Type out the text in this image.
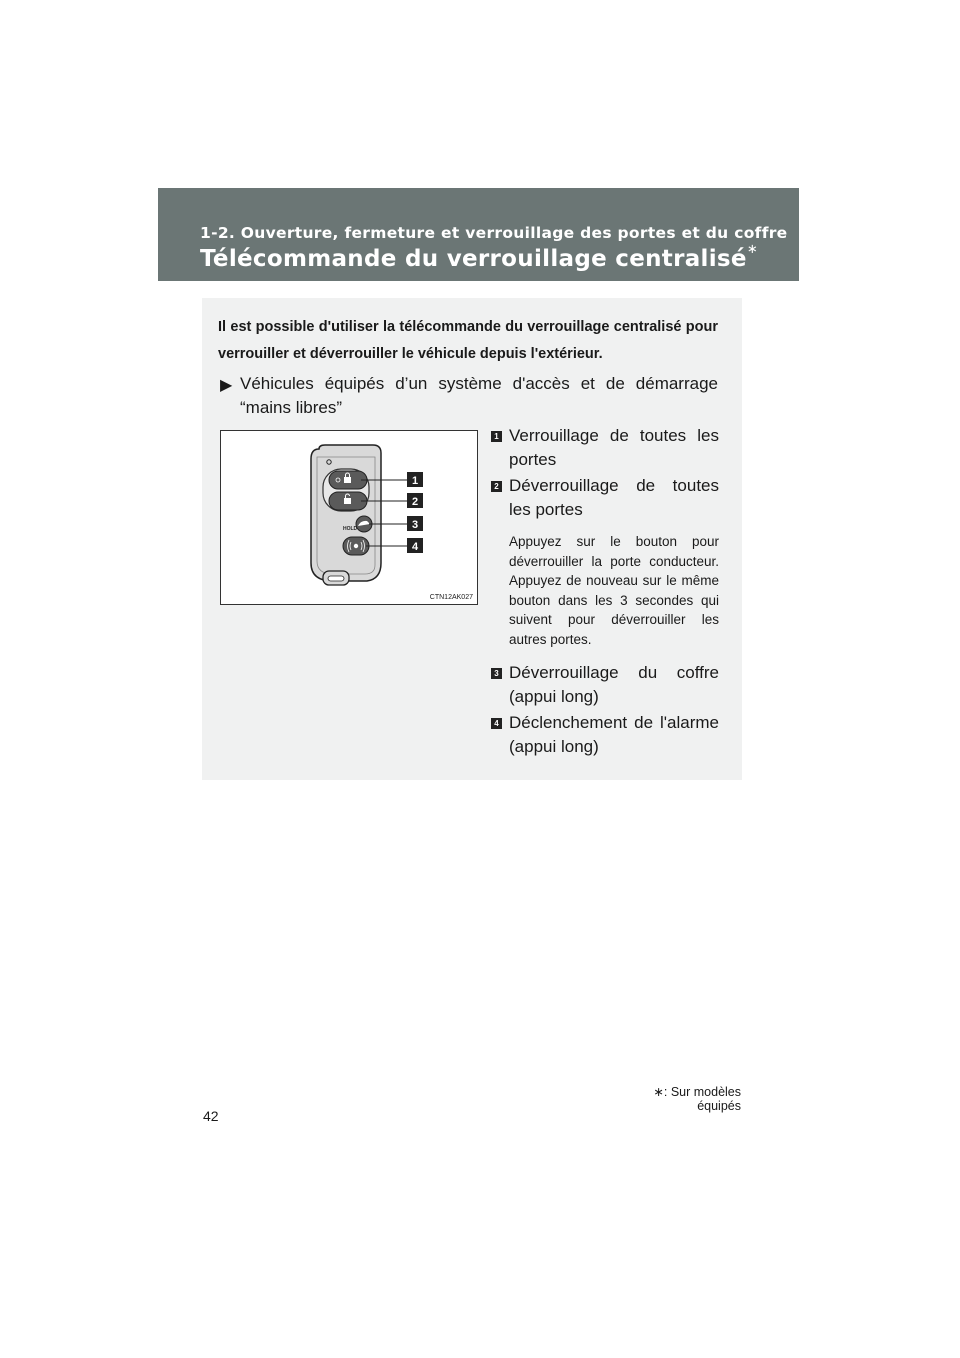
1-2. Ouverture, fermeture et verrouillage des portes et du coffre
Télécommande du verrouillage centralisé∗
Il est possible d'utiliser la télécommande du verrouillage centralisé pour verrouiller et déverrouiller le véhicule depuis l'extérieur.
▶ Véhicules équipés d’un système d'accès et de démarrage “mains libres”
HOLD
1
2
3
4
CTN12AK027
1 Verrouillage de toutes les portes
2 Déverrouillage de toutes les portes
Appuyez sur le bouton pour déverrouiller la porte conducteur. Appuyez de nouveau sur le même bouton dans les 3 secondes qui suivent pour déverrouiller les autres portes.
3 Déverrouillage du coffre (appui long)
4 Déclenchement de l'alarme (appui long)
∗: Sur modèles équipés
42
